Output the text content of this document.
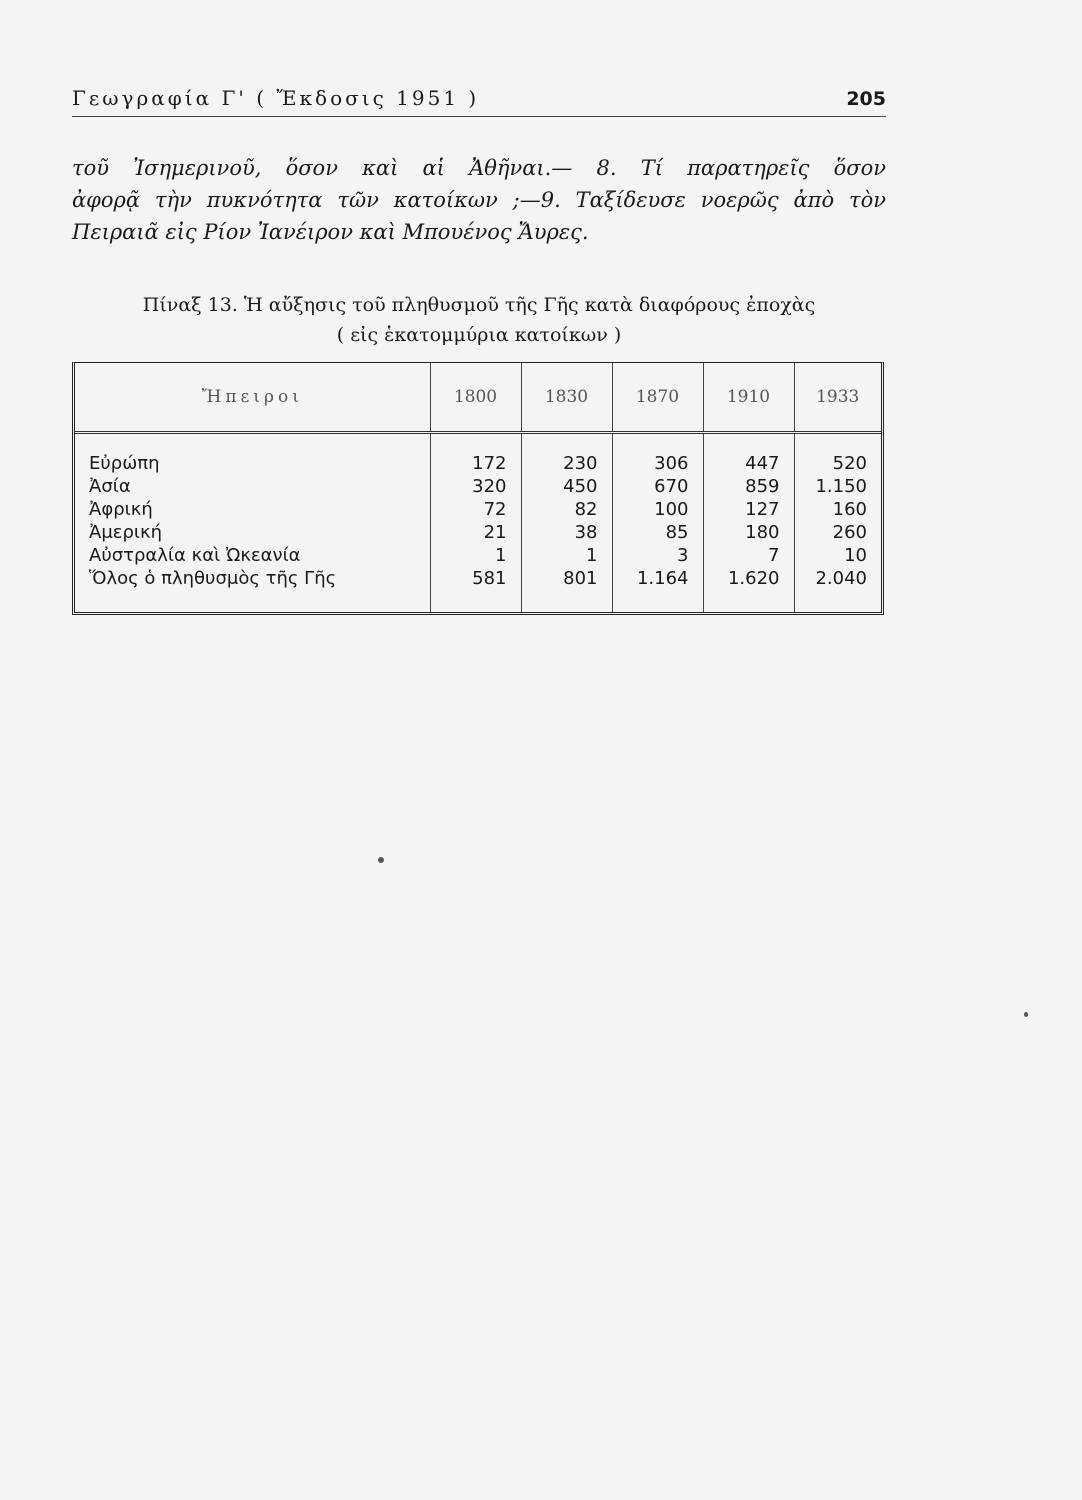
Γεωγραφία Γ' ( Ἔκδοσις 1951 )	205
τοῦ Ἰσημερινοῦ, ὅσον καὶ αἱ Ἀθῆναι.— 8. Τί παρατηρεῖς ὅσον
ἀφορᾷ τὴν πυκνότητα τῶν κατοίκων ;—9. Ταξίδευσε νοερῶς ἀπὸ τὸν
Πειραιᾶ εἰς Ρίον Ἰανέιρον καὶ Μπουένος Ἄυρες.
Πίναξ 13. Ἡ αὔξησις τοῦ πληθυσμοῦ τῆς Γῆς κατὰ διαφόρους ἐποχὰς
( εἰς ἑκατομμύρια κατοίκων )
Ἤπειροι	1800	1830	1870	1910	1933
Εὐρώπη	172	230	306	447	520
Ἀσία	320	450	670	859	1.150
Ἀφρική	72	82	100	127	160
Ἀμερική	21	38	85	180	260
Αὐστραλία καὶ Ὠκεανία	1	1	3	7	10
Ὅλος ὁ πληθυσμὸς τῆς Γῆς	581	801	1.164	1.620	2.040
